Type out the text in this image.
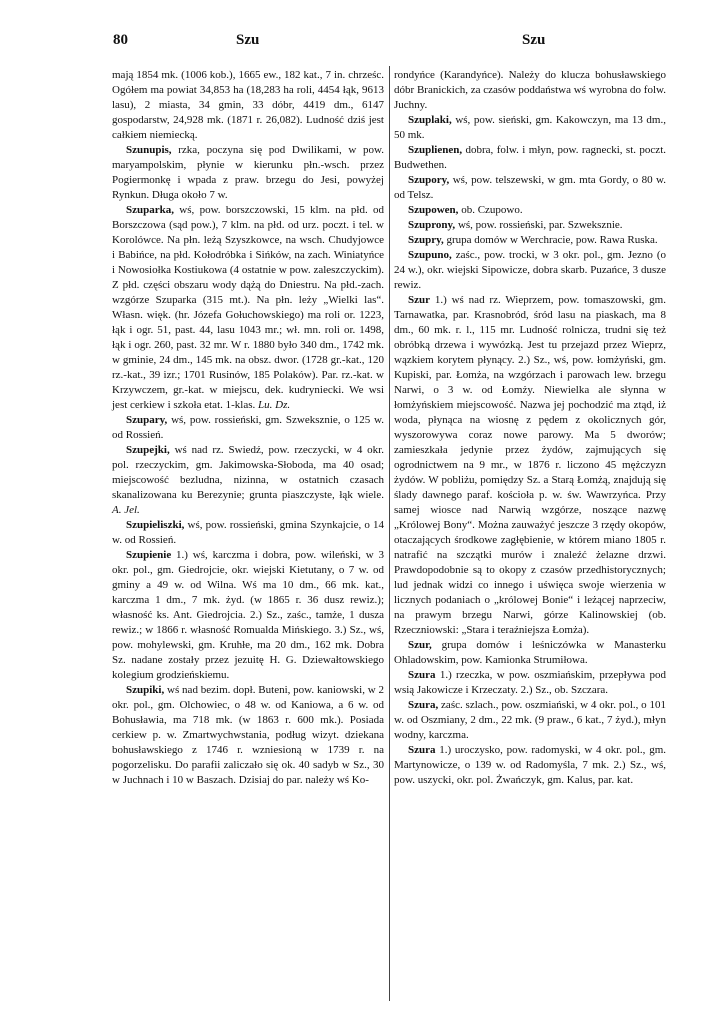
80	Szu	Szu

mają 1854 mk. (1006 kob.), 1665 ew., 182 kat., 7 in. chrześc. Ogółem ma powiat 34,853 ha (18,283 ha roli, 4454 łąk, 9613 lasu), 2 miasta, 34 gmin, 33 dóbr, 4419 dm., 6147 gospodarstw, 24,928 mk. (1871 r. 26,082). Ludność dziś jest całkiem niemiecką.

Szunupis, rzka, poczyna się pod Dwilikami, w pow. maryampolskim, płynie w kierunku płn.-wsch. przez Pogiermonkę i wpada z praw. brzegu do Jesi, powyżej Rynkun. Długa około 7 w.

Szuparka, wś, pow. borszczowski, 15 klm. na płd. od Borszczowa (sąd pow.), 7 klm. na płd. od urz. poczt. i tel. w Korolówce. Na płn. leżą Szyszkowce, na wsch. Chudyjowce i Babińce, na płd. Kołodróbka i Sińków, na zach. Winiatyńce i Nowosiołka Kostiukowa (4 ostatnie w pow. zaleszczyckim). Z płd. części obszaru wody dążą do Dniestru. Na płd.-zach. wzgórze Szuparka (315 mt.). Na płn. leży „Wielki las“. Własn. więk. (hr. Józefa Gołuchowskiego) ma roli or. 1223, łąk i ogr. 51, past. 44, lasu 1043 mr.; wł. mn. roli or. 1498, łąk i ogr. 260, past. 32 mr. W r. 1880 było 340 dm., 1742 mk. w gminie, 24 dm., 145 mk. na obsz. dwor. (1728 gr.-kat., 120 rz.-kat., 39 izr.; 1701 Rusinów, 185 Polaków). Par. rz.-kat. w Krzywczem, gr.-kat. w miejscu, dek. kudryniecki. We wsi jest cerkiew i szkoła etat. 1-klas. Lu. Dz.

Szupary, wś, pow. rossieński, gm. Szweksznie, o 125 w. od Rossień.

Szupejki, wś nad rz. Swiedź, pow. rzeczycki, w 4 okr. pol. rzeczyckim, gm. Jakimowska-Słoboda, ma 40 osad; miejscowość bezludna, nizinna, w ostatnich czasach skanalizowana ku Berezynie; grunta piaszczyste, łąk wiele. A. Jel.

Szupieliszki, wś, pow. rossieński, gmina Szynkajcie, o 14 w. od Rossień.

Szupienie 1.) wś, karczma i dobra, pow. wileński, w 3 okr. pol., gm. Giedrojcie, okr. wiejski Kietutany, o 7 w. od gminy a 49 w. od Wilna. Wś ma 10 dm., 66 mk. kat., karczma 1 dm., 7 mk. żyd. (w 1865 r. 36 dusz rewiz.); własność ks. Ant. Giedrojcia. 2.) Sz., zaśc., tamże, 1 dusza rewiz.; w 1866 r. własność Romualda Mińskiego. 3.) Sz., wś, pow. mohylewski, gm. Kruhłe, ma 20 dm., 162 mk. Dobra Sz. nadane zostały przez jezuitę H. G. Dziewałtowskiego kolegium grodzieńskiemu.

Szupiki, wś nad bezim. dopł. Buteni, pow. kaniowski, w 2 okr. pol., gm. Olchowiec, o 48 w. od Kaniowa, a 6 w. od Bohusławia, ma 718 mk. (w 1863 r. 600 mk.). Posiada cerkiew p. w. Zmartwychwstania, podług wizyt. dziekana bohusławskiego z 1746 r. wzniesioną w 1739 r. na pogorzelisku. Do parafii zaliczało się ok. 40 sadyb w Sz., 30 w Juchnach i 10 w Baszach. Dzisiaj do par. należy wś Ko-

rondyńce (Karandyńce). Należy do klucza bohusławskiego dóbr Branickich, za czasów poddaństwa wś wyrobna do folw. Juchny.

Szuplaki, wś, pow. sieński, gm. Kakowczyn, ma 13 dm., 50 mk.

Szuplienen, dobra, folw. i młyn, pow. ragnecki, st. poczt. Budwethen.

Szupory, wś, pow. telszewski, w gm. mta Gordy, o 80 w. od Telsz.

Szupowen, ob. Czupowo.

Szuprony, wś, pow. rossieński, par. Szweksznie.

Szupry, grupa domów w Werchracie, pow. Rawa Ruska.

Szupuno, zaśc., pow. trocki, w 3 okr. pol., gm. Jezno (o 24 w.), okr. wiejski Sipowicze, dobra skarb. Puzańce, 3 dusze rewiz.

Szur 1.) wś nad rz. Wieprzem, pow. tomaszowski, gm. Tarnawatka, par. Krasnobród, śród lasu na piaskach, ma 8 dm., 60 mk. r. l., 115 mr. Ludność rolnicza, trudni się też obróbką drzewa i wywózką. Jest tu przejazd przez Wieprz, wązkiem korytem płynący. 2.) Sz., wś, pow. łomżyński, gm. Kupiski, par. Łomża, na wzgórzach i parowach lew. brzegu Narwi, o 3 w. od Łomży. Niewielka ale słynna w łomżyńskiem miejscowość. Nazwa jej pochodzić ma ztąd, iż woda, płynąca na wiosnę z pędem z okolicznych gór, wyszorowywa coraz nowe parowy. Ma 5 dworów; zamieszkała jedynie przez żydów, zajmujących się ogrodnictwem na 9 mr., w 1876 r. liczono 45 mężczyzn żydów. W pobliżu, pomiędzy Sz. a Starą Łomżą, znajdują się ślady dawnego paraf. kościoła p. w. św. Wawrzyńca. Przy samej wiosce nad Narwią wzgórze, noszące nazwę „Królowej Bony“. Można zauważyć jeszcze 3 rzędy okopów, otaczających środkowe zagłębienie, w którem miano 1805 r. natrafić na szczątki murów i znaleźć żelazne drzwi. Prawdopodobnie są to okopy z czasów przedhistorycznych; lud jednak widzi co innego i uświęca swoje wierzenia w licznych podaniach o „królowej Bonie“ i leżącej naprzeciw, na prawym brzegu Narwi, górze Kalinowskiej (ob. Rzeczniowski: „Stara i teraźniejsza Łomża).

Szur, grupa domów i leśniczówka w Manasterku Ohladowskim, pow. Kamionka Strumiłowa.

Szura 1.) rzeczka, w pow. oszmiańskim, przepływa pod wsią Jakowicze i Krzeczaty. 2.) Sz., ob. Szczara.

Szura, zaśc. szlach., pow. oszmiański, w 4 okr. pol., o 101 w. od Oszmiany, 2 dm., 22 mk. (9 praw., 6 kat., 7 żyd.), młyn wodny, karczma.

Szura 1.) uroczysko, pow. radomyski, w 4 okr. pol., gm. Martynowicze, o 139 w. od Radomyśla, 7 mk. 2.) Sz., wś, pow. uszycki, okr. pol. Żwańczyk, gm. Kalus, par. kat.
